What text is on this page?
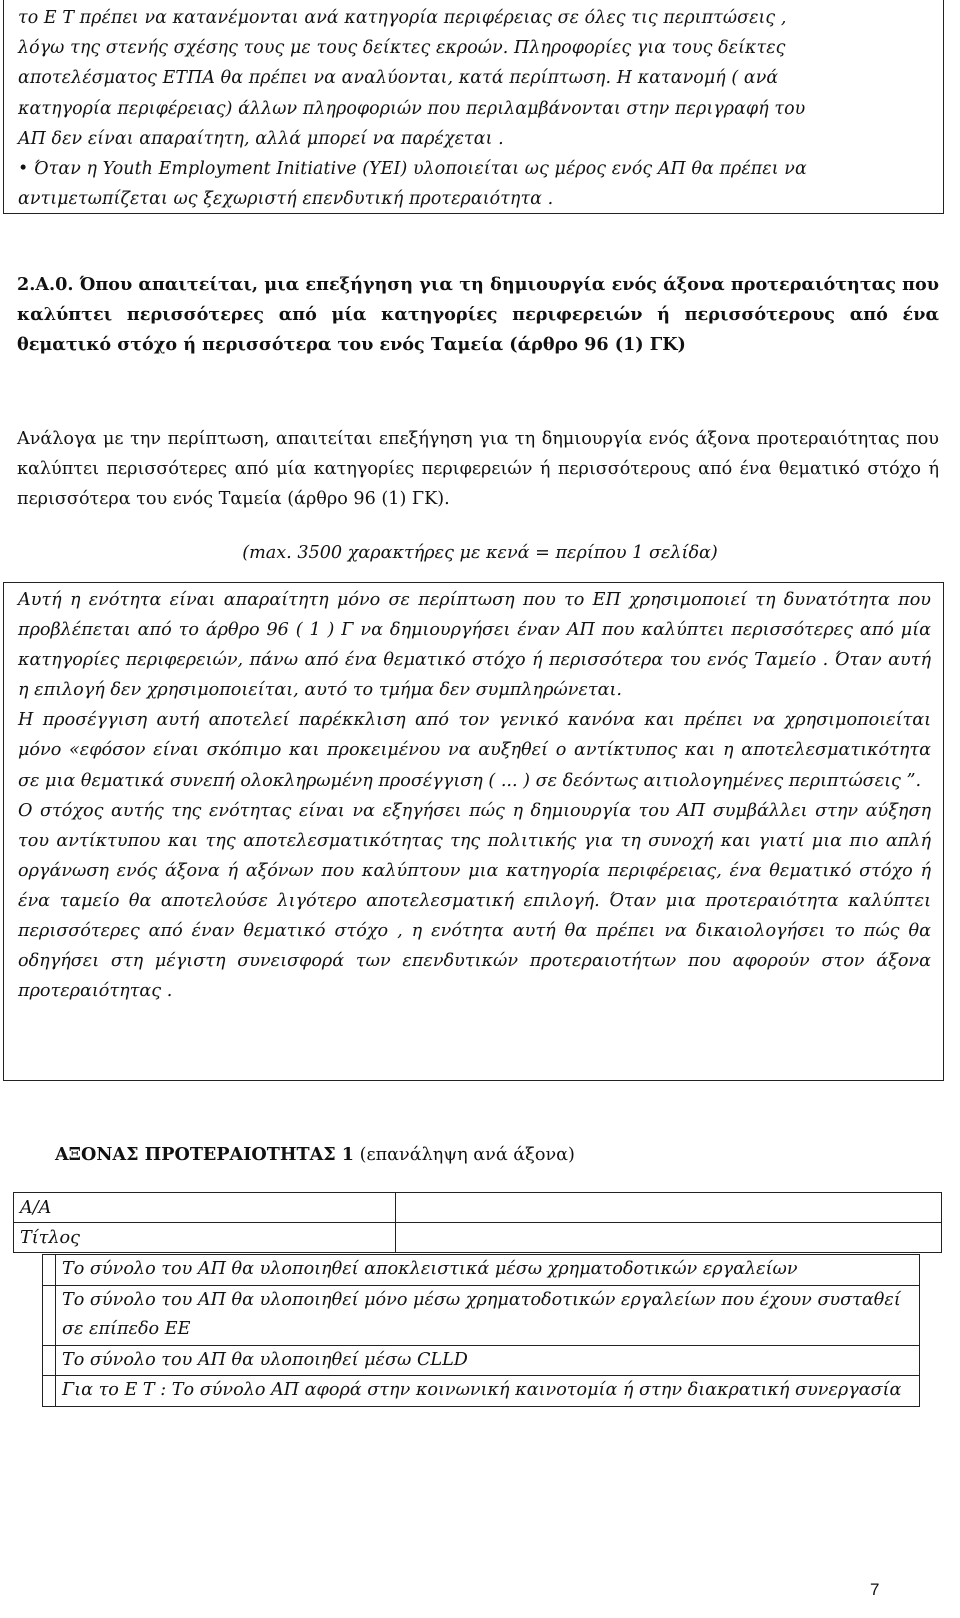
το Ε Τ πρέπει να κατανέμονται ανά κατηγορία περιφέρειας σε όλες τις περιπτώσεις ,

λόγω της στενής σχέσης τους με τους δείκτες εκροών. Πληροφορίες για τους δείκτες

αποτελέσματος ΕΤΠΑ θα πρέπει να αναλύονται, κατά περίπτωση. Η κατανομή ( ανά

κατηγορία περιφέρειας) άλλων πληροφοριών που περιλαμβάνονται στην περιγραφή του

ΑΠ δεν είναι απαραίτητη, αλλά μπορεί να παρέχεται .

• Όταν η Youth Employment Initiative (YEI) υλοποιείται ως μέρος ενός ΑΠ θα πρέπει να

αντιμετωπίζεται ως ξεχωριστή επενδυτική προτεραιότητα .

2.Α.0. Όπου απαιτείται, μια επεξήγηση για τη δημιουργία ενός άξονα προτεραιότητας που καλύπτει περισσότερες από μία κατηγορίες περιφερειών ή περισσότερους από ένα θεματικό στόχο ή περισσότερα του ενός Ταμεία (άρθρο 96 (1) ΓΚ)
Ανάλογα με την περίπτωση, απαιτείται επεξήγηση για τη δημιουργία ενός άξονα προτεραιότητας που καλύπτει περισσότερες από μία κατηγορίες περιφερειών ή περισσότερους από ένα θεματικό στόχο ή περισσότερα του ενός Ταμεία (άρθρο 96 (1) ΓΚ).
(max. 3500 χαρακτήρες με κενά = περίπου 1 σελίδα)

Αυτή η ενότητα είναι απαραίτητη μόνο σε περίπτωση που το ΕΠ χρησιμοποιεί τη δυνατότητα που προβλέπεται από το άρθρο 96 ( 1 ) Γ να δημιουργήσει έναν ΑΠ που καλύπτει περισσότερες από μία κατηγορίες περιφερειών, πάνω από ένα θεματικό στόχο ή περισσότερα του ενός Ταμείο . Όταν αυτή η επιλογή δεν χρησιμοποιείται, αυτό το τμήμα δεν συμπληρώνεται.

Η προσέγγιση αυτή αποτελεί παρέκκλιση από τον γενικό κανόνα και πρέπει να χρησιμοποιείται μόνο «εφόσον είναι σκόπιμο και προκειμένου να αυξηθεί ο αντίκτυπος και η αποτελεσματικότητα σε μια θεματικά συνεπή ολοκληρωμένη προσέγγιση ( ... ) σε δεόντως αιτιολογημένες περιπτώσεις ”.

Ο στόχος αυτής της ενότητας είναι να εξηγήσει πώς η δημιουργία του ΑΠ συμβάλλει στην αύξηση του αντίκτυπου και της αποτελεσματικότητας της πολιτικής για τη συνοχή και γιατί μια πιο απλή οργάνωση ενός άξονα ή αξόνων που καλύπτουν μια κατηγορία περιφέρειας, ένα θεματικό στόχο ή ένα ταμείο θα αποτελούσε λιγότερο αποτελεσματική επιλογή. Όταν μια προτεραιότητα καλύπτει περισσότερες από έναν θεματικό στόχο , η ενότητα αυτή θα πρέπει να δικαιολογήσει το πώς θα οδηγήσει στη μέγιστη συνεισφορά των επενδυτικών προτεραιοτήτων που αφορούν στον άξονα προτεραιότητας .

ΑΞΟΝΑΣ ΠΡΟΤΕΡΑΙΟΤΗΤΑΣ 1 (επανάληψη ανά άξονα)
Α/Α	
Τίτλος	
	Το σύνολο του ΑΠ θα υλοποιηθεί αποκλειστικά μέσω χρηματοδοτικών εργαλείων
	Το σύνολο του ΑΠ θα υλοποιηθεί μόνο μέσω χρηματοδοτικών εργαλείων που έχουν συσταθεί σε επίπεδο ΕΕ
	Το σύνολο του ΑΠ θα υλοποιηθεί μέσω CLLD
	Για το Ε Τ : Το σύνολο ΑΠ αφορά στην κοινωνική καινοτομία ή στην διακρατική συνεργασία
7
